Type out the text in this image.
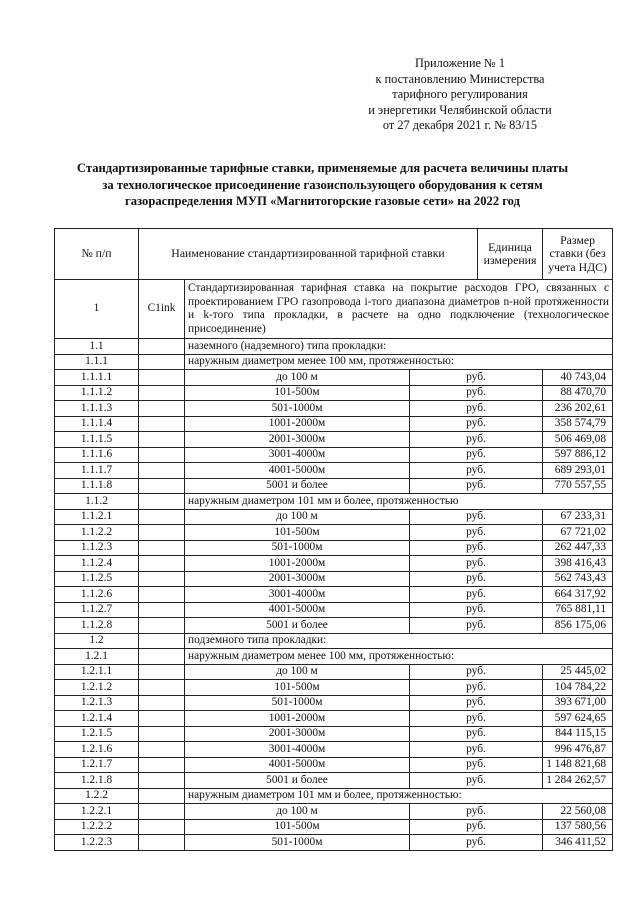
Приложение № 1
к постановлению Министерства
тарифного регулирования
и энергетики Челябинской области
от 27 декабря 2021 г. № 83/15
Стандартизированные тарифные ставки, применяемые для расчета величины платы
за технологическое присоединение газоиспользующего оборудования к сетям
газораспределения МУП «Магнитогорские газовые сети» на 2022 год
№ п/п	Наименование стандартизированной тарифной ставки			Единица измерения	Размер ставки (без учета НДС)
1	C1ink	Стандартизированная тарифная ставка на покрытие расходов ГРО, связанных с проектированием ГРО газопровода i-того диапазона диаметров n-ной протяженности и k-того типа прокладки, в расчете на одно подключение (технологическое присоединение)			
1.1		наземного (надземного) типа прокладки:			
1.1.1		наружным диаметром менее 100 мм, протяженностью:			
1.1.1.1		до 100 м	руб.		40 743,04
1.1.1.2		101-500м	руб.		88 470,70
1.1.1.3		501-1000м	руб.		236 202,61
1.1.1.4		1001-2000м	руб.		358 574,79
1.1.1.5		2001-3000м	руб.		506 469,08
1.1.1.6		3001-4000м	руб.		597 886,12
1.1.1.7		4001-5000м	руб.		689 293,01
1.1.1.8		5001 и более	руб.		770 557,55
1.1.2		наружным диаметром 101 мм и более, протяженностью			
1.1.2.1		до 100 м	руб.		67 233,31
1.1.2.2		101-500м	руб.		67 721,02
1.1.2.3		501-1000м	руб.		262 447,33
1.1.2.4		1001-2000м	руб.		398 416,43
1.1.2.5		2001-3000м	руб.		562 743,43
1.1.2.6		3001-4000м	руб.		664 317,92
1.1.2.7		4001-5000м	руб.		765 881,11
1.1.2.8		5001 и более	руб.		856 175,06
1.2		подземного типа прокладки:			
1.2.1		наружным диаметром менее 100 мм, протяженностью:			
1.2.1.1		до 100 м	руб.		25 445,02
1.2.1.2		101-500м	руб.		104 784,22
1.2.1.3		501-1000м	руб.		393 671,00
1.2.1.4		1001-2000м	руб.		597 624,65
1.2.1.5		2001-3000м	руб.		844 115,15
1.2.1.6		3001-4000м	руб.		996 476,87
1.2.1.7		4001-5000м	руб.		1 148 821,68
1.2.1.8		5001 и более	руб.		1 284 262,57
1.2.2		наружным диаметром 101 мм и более, протяженностью:			
1.2.2.1		до 100 м	руб.		22 560,08
1.2.2.2		101-500м	руб.		137 580,56
1.2.2.3		501-1000м	руб.		346 411,52
